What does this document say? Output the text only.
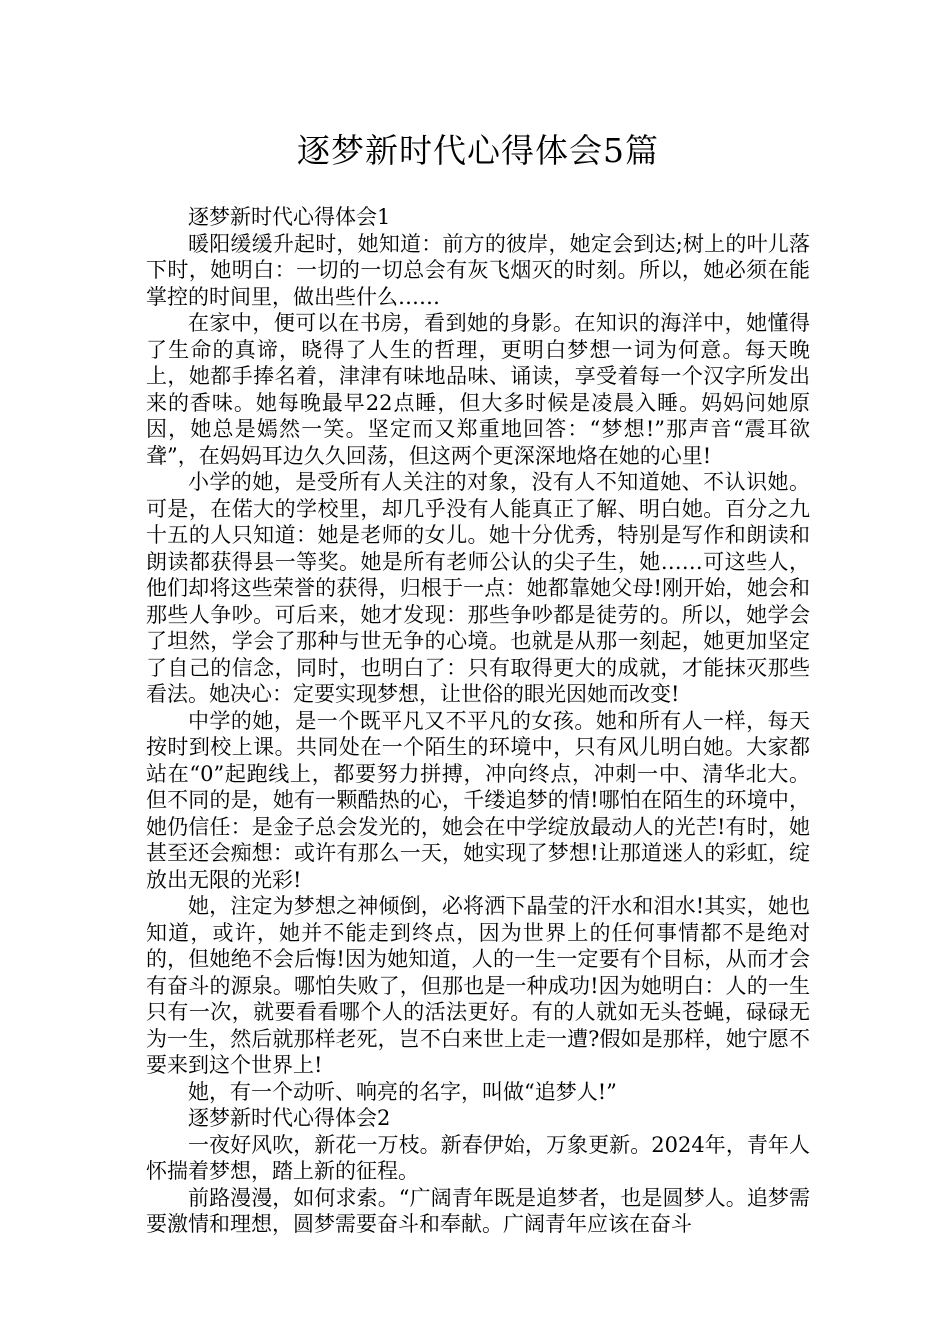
逐梦新时代心得体会5篇

逐梦新时代心得体会1

暖阳缓缓升起时，她知道：前方的彼岸，她定会到达;树上的叶儿落下时，她明白：一切的一切总会有灰飞烟灭的时刻。所以，她必须在能掌控的时间里，做出些什么……

在家中，便可以在书房，看到她的身影。在知识的海洋中，她懂得了生命的真谛，晓得了人生的哲理，更明白梦想一词为何意。每天晚上，她都手捧名着，津津有味地品味、诵读，享受着每一个汉字所发出来的香味。她每晚最早22点睡，但大多时候是凌晨入睡。妈妈问她原因，她总是嫣然一笑。坚定而又郑重地回答：“梦想!”那声音“震耳欲聋”，在妈妈耳边久久回荡，但这两个更深深地烙在她的心里!

小学的她，是受所有人关注的对象，没有人不知道她、不认识她。可是，在偌大的学校里，却几乎没有人能真正了解、明白她。百分之九十五的人只知道：她是老师的女儿。她十分优秀，特别是写作和朗读和朗读都获得县一等奖。她是所有老师公认的尖子生，她……可这些人，他们却将这些荣誉的获得，归根于一点：她都靠她父母!刚开始，她会和那些人争吵。可后来，她才发现：那些争吵都是徒劳的。所以，她学会了坦然，学会了那种与世无争的心境。也就是从那一刻起，她更加坚定了自己的信念，同时，也明白了：只有取得更大的成就，才能抹灭那些看法。她决心：定要实现梦想，让世俗的眼光因她而改变!

中学的她，是一个既平凡又不平凡的女孩。她和所有人一样，每天按时到校上课。共同处在一个陌生的环境中，只有风儿明白她。大家都站在“0”起跑线上，都要努力拼搏，冲向终点，冲刺一中、清华北大。但不同的是，她有一颗酷热的心，千缕追梦的情!哪怕在陌生的环境中，她仍信任：是金子总会发光的，她会在中学绽放最动人的光芒!有时，她甚至还会痴想：或许有那么一天，她实现了梦想!让那道迷人的彩虹，绽放出无限的光彩!

她，注定为梦想之神倾倒，必将洒下晶莹的汗水和泪水!其实，她也知道，或许，她并不能走到终点，因为世界上的任何事情都不是绝对的，但她绝不会后悔!因为她知道，人的一生一定要有个目标，从而才会有奋斗的源泉。哪怕失败了，但那也是一种成功!因为她明白：人的一生只有一次，就要看看哪个人的活法更好。有的人就如无头苍蝇，碌碌无为一生，然后就那样老死，岂不白来世上走一遭?假如是那样，她宁愿不要来到这个世界上!

她，有一个动听、响亮的名字，叫做“追梦人!”

逐梦新时代心得体会2

一夜好风吹，新花一万枝。新春伊始，万象更新。2024年，青年人怀揣着梦想，踏上新的征程。

前路漫漫，如何求索。“广阔青年既是追梦者，也是圆梦人。追梦需要激情和理想，圆梦需要奋斗和奉献。广阔青年应该在奋斗
